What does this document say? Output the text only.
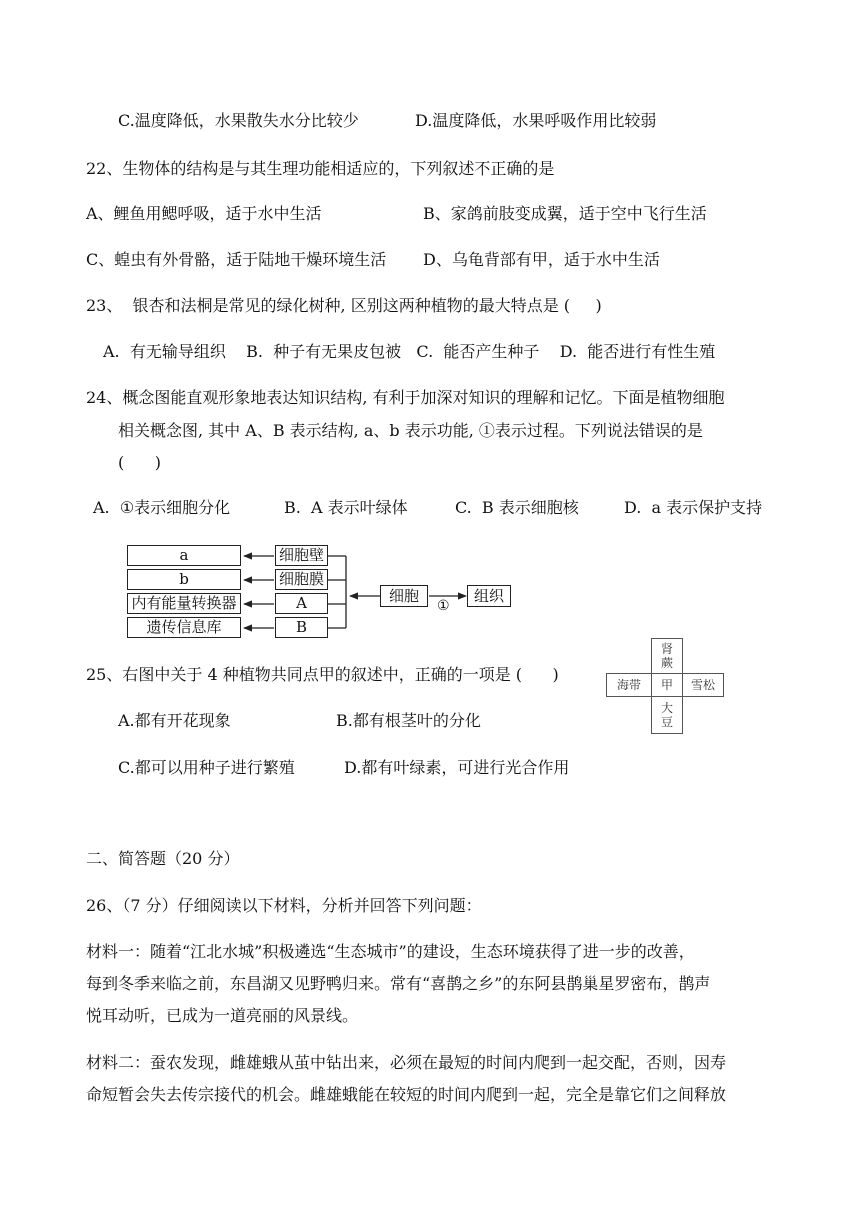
C.温度降低，水果散失水分比较少	D.温度降低，水果呼吸作用比较弱
22、生物体的结构是与其生理功能相适应的，下列叙述不正确的是
A、鲤鱼用鳃呼吸，适于水中生活	B、家鸽前肢变成翼，适于空中飞行生活
C、蝗虫有外骨骼，适于陆地干燥环境生活 D、乌龟背部有甲，适于水中生活
23、  银杏和法桐是常见的绿化树种, 区别这两种植物的最大特点是 (     )
A.  有无输导组织    B.  种子有无果皮包被   C.  能否产生种子    D.  能否进行有性生殖
24、概念图能直观形象地表达知识结构, 有利于加深对知识的理解和记忆。下面是植物细胞
相关概念图, 其中 A、B 表示结构, a、b 表示功能, ①表示过程。下列说法错误的是
(      )
A.  ①表示细胞分化	B.  A 表示叶绿体	C.  B 表示细胞核	D.  a 表示保护支持
a
b
内有能量转换器
遗传信息库
细胞壁
细胞膜
A
B
细胞
①
组织
25、右图中关于 4 种植物共同点甲的叙述中，正确的一项是 (      )
A.都有开花现象	B.都有根茎叶的分化
C.都可以用种子进行繁殖	D.都有叶绿素，可进行光合作用
肾蕨
海带	甲	雪松
大豆
二、简答题（20 分）
26、（7 分）仔细阅读以下材料，分析并回答下列问题：
材料一：随着“江北水城”积极遴选“生态城市”的建设，生态环境获得了进一步的改善，
每到冬季来临之前，东昌湖又见野鸭归来。常有“喜鹊之乡”的东阿县鹊巢星罗密布，鹊声
悦耳动听，已成为一道亮丽的风景线。
材料二：蚕农发现，雌雄蛾从茧中钻出来，必须在最短的时间内爬到一起交配，否则，因寿
命短暂会失去传宗接代的机会。雌雄蛾能在较短的时间内爬到一起，完全是靠它们之间释放
